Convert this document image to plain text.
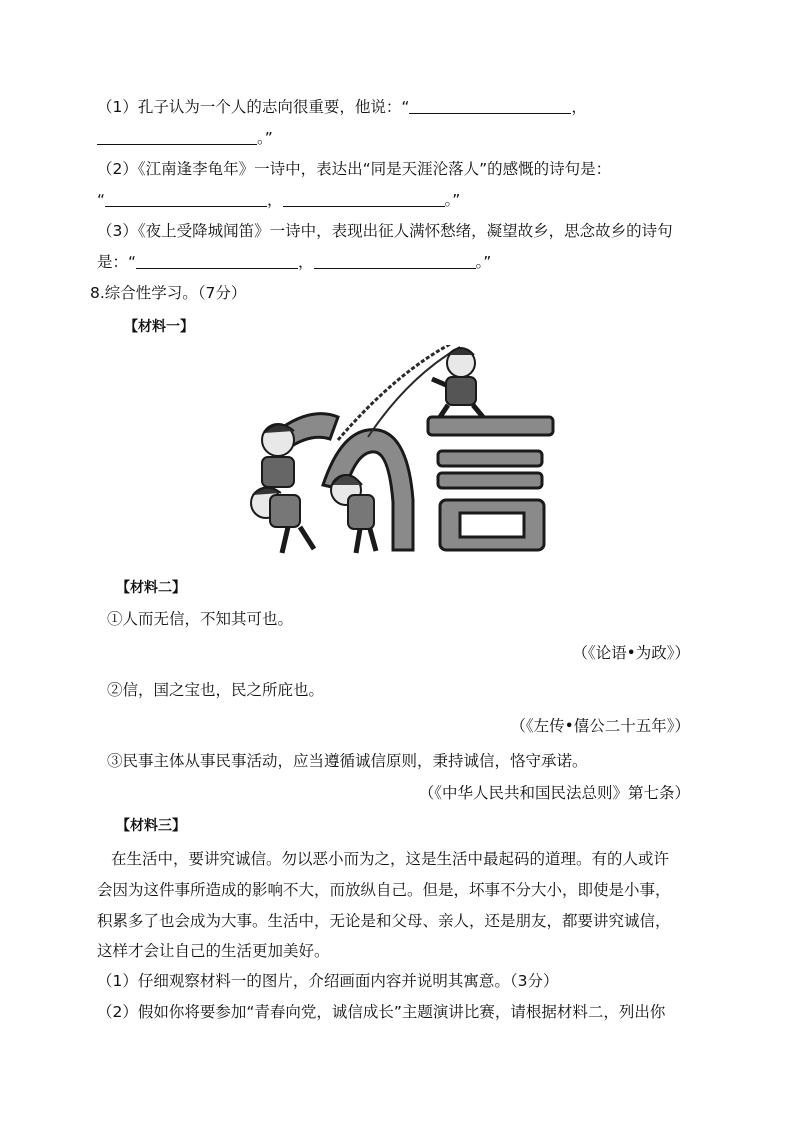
（1）孔子认为一个人的志向很重要，他说：“	，
。”
（2）《江南逢李龟年》一诗中，表达出“同是天涯沦落人”的感慨的诗句是：
“	，	。”
（3）《夜上受降城闻笛》一诗中，表现出征人满怀愁绪，凝望故乡，思念故乡的诗句
是：“	，	。”
8.综合性学习。（7分）
【材料一】
【材料二】
①人而无信，不知其可也。
（《论语•为政》）
②信，国之宝也，民之所庇也。
（《左传•僖公二十五年》）
③民事主体从事民事活动，应当遵循诚信原则，秉持诚信，恪守承诺。
（《中华人民共和国民法总则》第七条）
【材料三】
在生活中，要讲究诚信。勿以恶小而为之，这是生活中最起码的道理。有的人或许
会因为这件事所造成的影响不大，而放纵自己。但是，坏事不分大小，即使是小事，
积累多了也会成为大事。生活中，无论是和父母、亲人，还是朋友，都要讲究诚信，
这样才会让自己的生活更加美好。
（1）仔细观察材料一的图片，介绍画面内容并说明其寓意。（3分）
（2）假如你将要参加“青春向党，诚信成长”主题演讲比赛，请根据材料二，列出你
